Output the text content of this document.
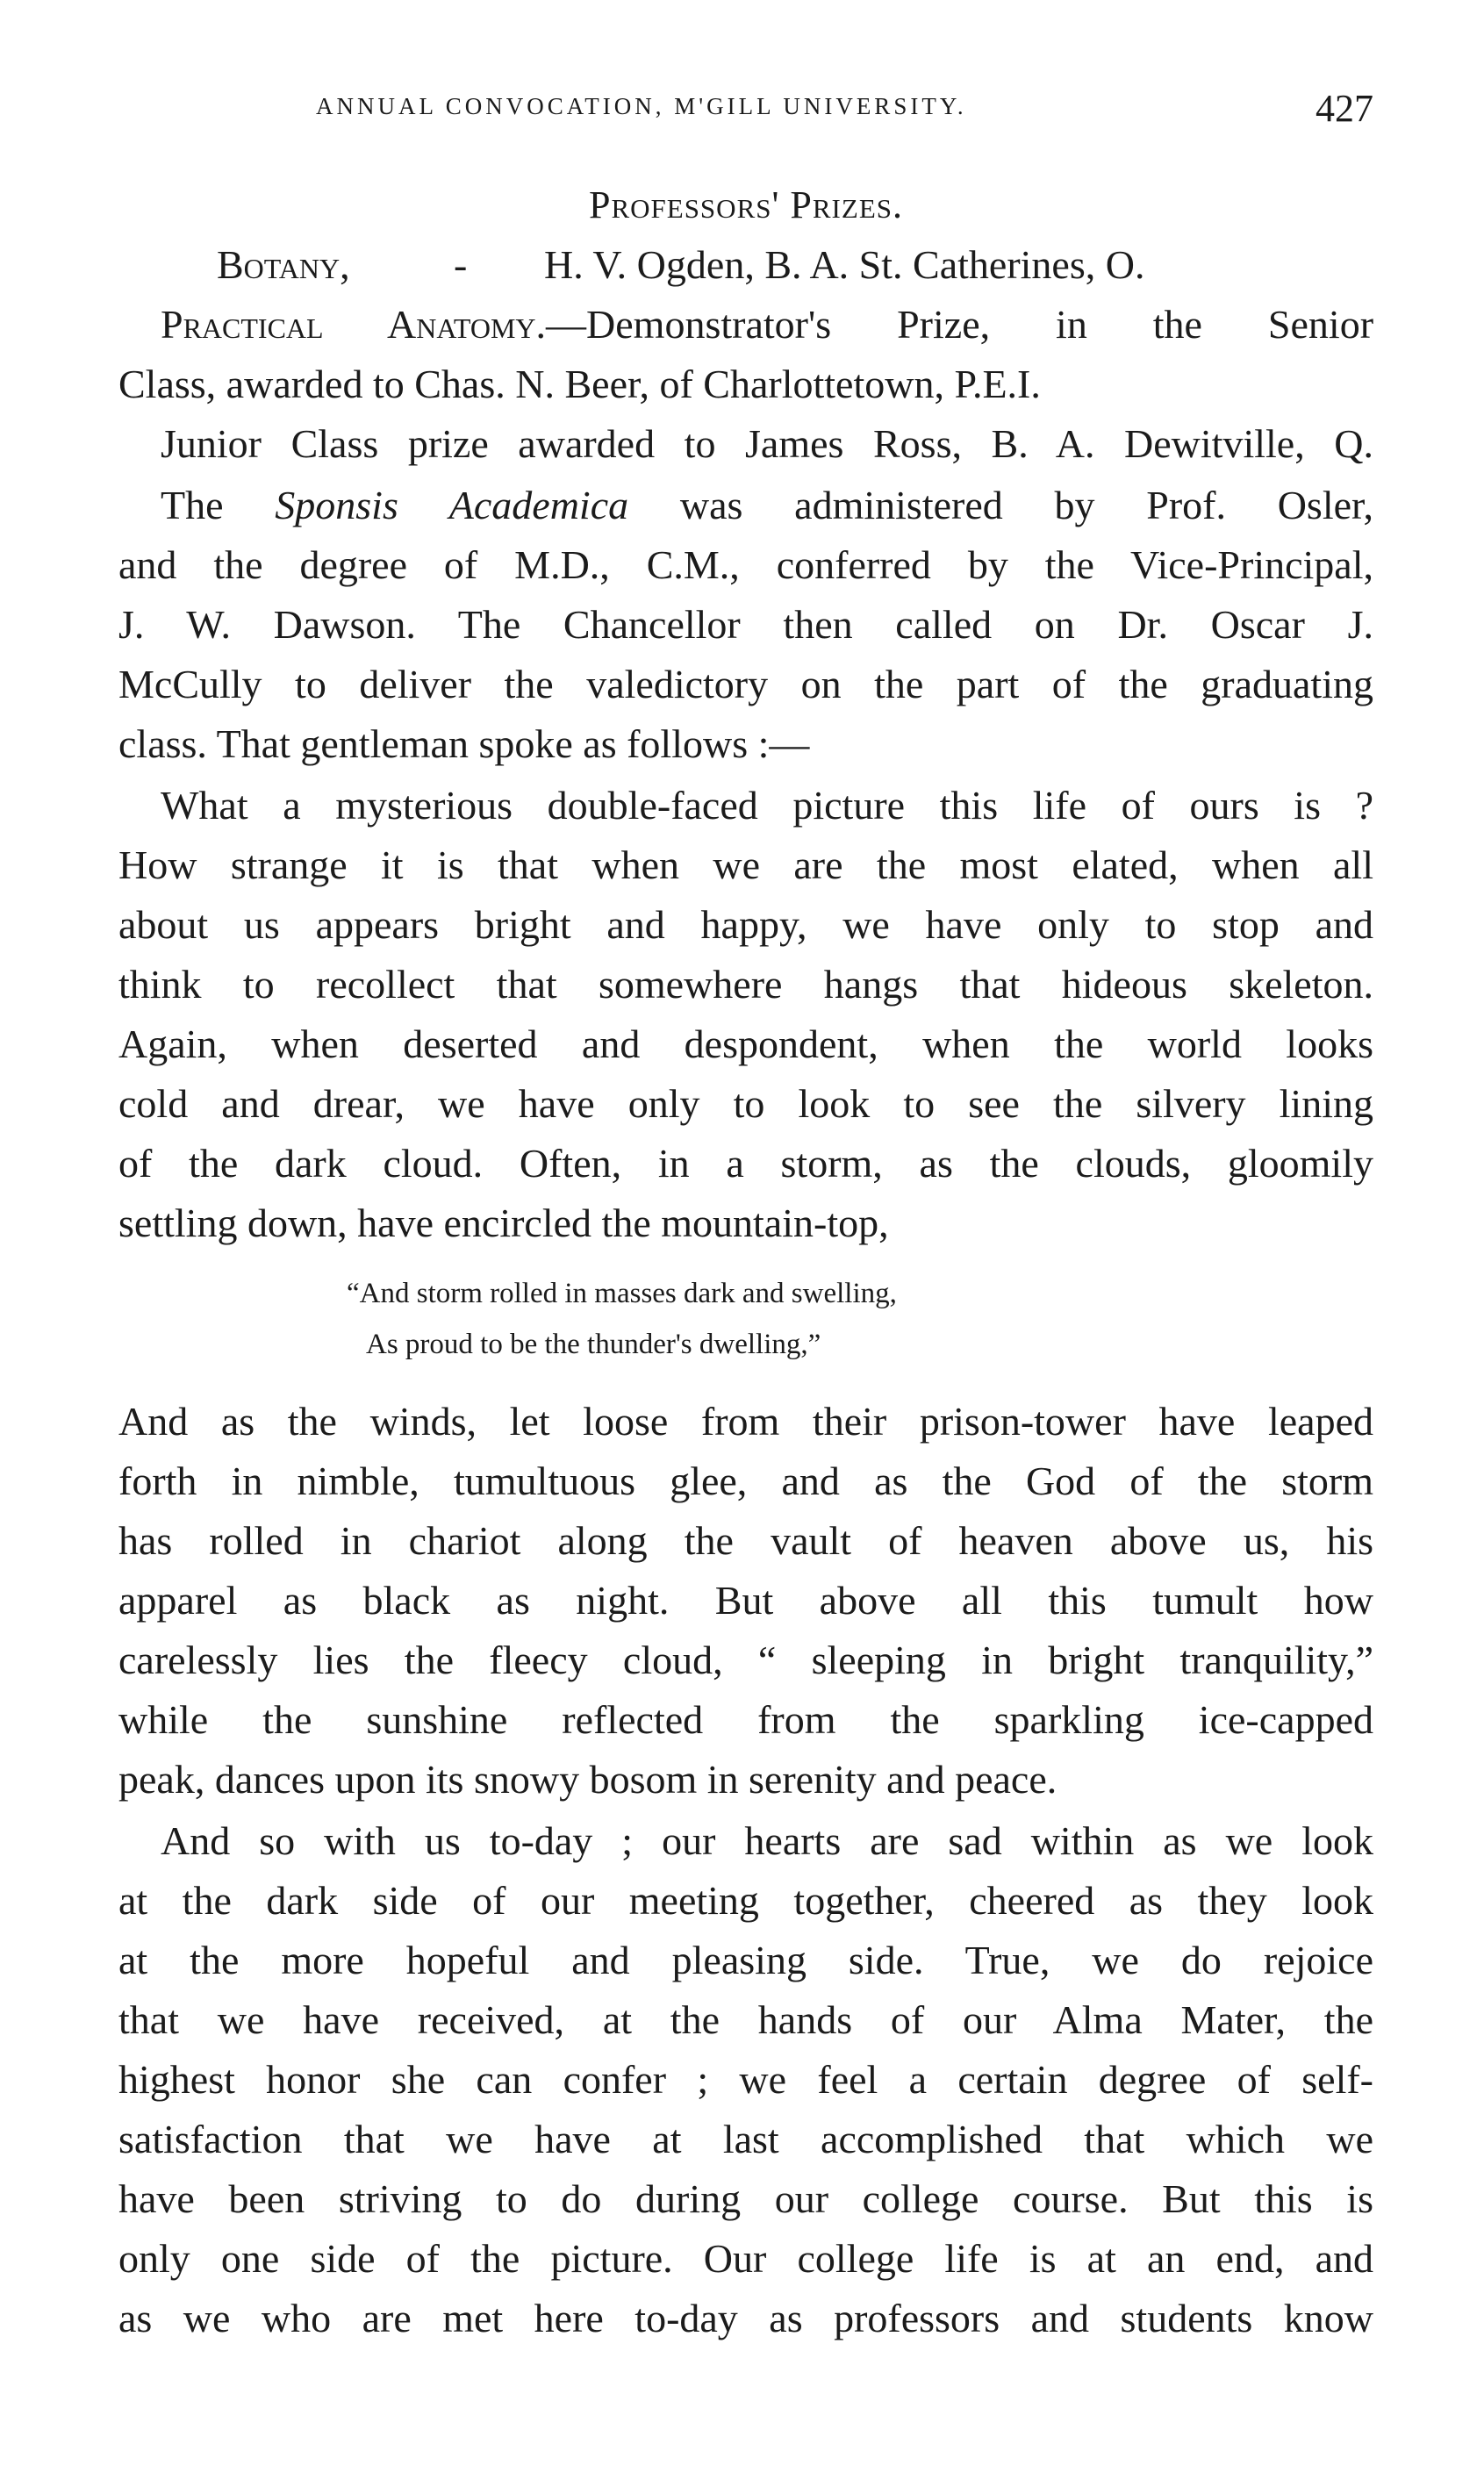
ANNUAL CONVOCATION, M'GILL UNIVERSITY.	427
Professors' Prizes.
Botany,	- H. V. Ogden, B. A. St. Catherines, O.
Practical Anatomy.—Demonstrator's Prize, in the Senior
Class, awarded to Chas. N. Beer, of Charlottetown, P.E.I.
Junior Class prize awarded to James Ross, B. A. Dewitville, Q.
The Sponsis Academica was administered by Prof. Osler,
and the degree of M.D., C.M., conferred by the Vice-Principal,
J. W. Dawson. The Chancellor then called on Dr. Oscar J.
McCully to deliver the valedictory on the part of the graduating
class. That gentleman spoke as follows :—
What a mysterious double-faced picture this life of ours is ?
How strange it is that when we are the most elated, when all
about us appears bright and happy, we have only to stop and
think to recollect that somewhere hangs that hideous skeleton.
Again, when deserted and despondent, when the world looks
cold and drear, we have only to look to see the silvery lining
of the dark cloud. Often, in a storm, as the clouds, gloomily
settling down, have encircled the mountain-top,
“And storm rolled in masses dark and swelling,
As proud to be the thunder's dwelling,”
And as the winds, let loose from their prison-tower have leaped
forth in nimble, tumultuous glee, and as the God of the storm
has rolled in chariot along the vault of heaven above us, his
apparel as black as night. But above all this tumult how
carelessly lies the fleecy cloud, “ sleeping in bright tranquility,”
while the sunshine reflected from the sparkling ice-capped
peak, dances upon its snowy bosom in serenity and peace.
And so with us to-day ; our hearts are sad within as we look
at the dark side of our meeting together, cheered as they look
at the more hopeful and pleasing side. True, we do rejoice
that we have received, at the hands of our Alma Mater, the
highest honor she can confer ; we feel a certain degree of self-
satisfaction that we have at last accomplished that which we
have been striving to do during our college course. But this is
only one side of the picture. Our college life is at an end, and
as we who are met here to-day as professors and students know
